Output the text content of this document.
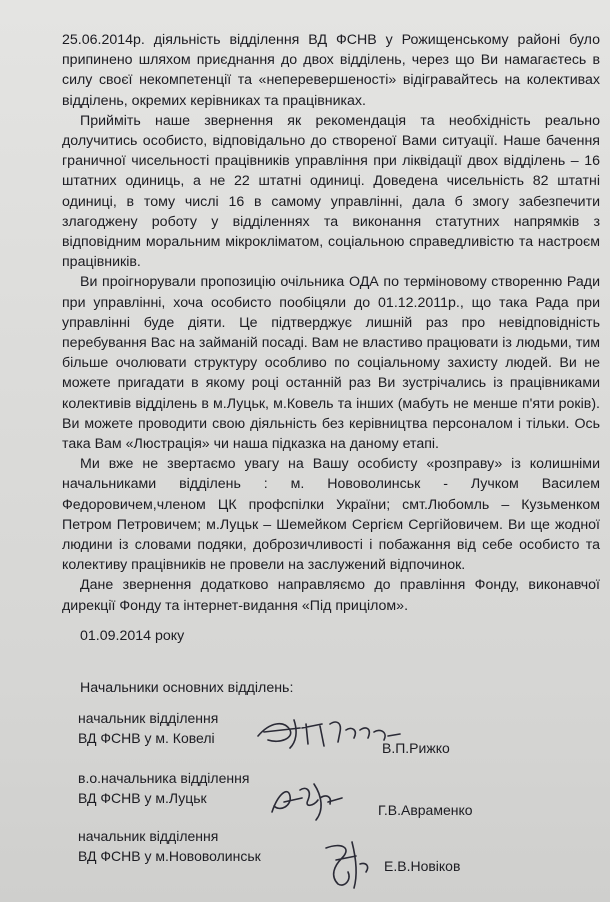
25.06.2014р. діяльність відділення ВД ФСНВ у Рожищенському районі було припинено шляхом приєднання до двох відділень, через що Ви намагаєтесь в силу своєї некомпетенції та «неперевершеності» відігравайтесь на колективах відділень, окремих керівниках та працівниках.

Прийміть наше звернення як рекомендація та необхідність реально долучитись особисто, відповідально до створеної Вами ситуації. Наше бачення граничної чисельності працівників управління при ліквідації двох відділень – 16 штатних одиниць, а не 22 штатні одиниці. Доведена чисельність 82 штатні одиниці, в тому числі 16 в самому управлінні, дала б змогу забезпечити злагоджену роботу у відділеннях та виконання статутних напрямків з відповідним моральним мікрокліматом, соціальною справедливістю та настроєм працівників.

Ви проігнорували пропозицію очільника ОДА по терміновому створенню Ради при управлінні, хоча особисто пообіцяли до 01.12.2011р., що така Рада при управлінні буде діяти. Це підтверджує лишній раз про невідповідність перебування Вас на займаній посаді. Вам не властиво працювати із людьми, тим більше очолювати структуру особливо по соціальному захисту людей. Ви не можете пригадати в якому році останній раз Ви зустрічались із працівниками колективів відділень в м.Луцьк, м.Ковель та інших (мабуть не менше п'яти років). Ви можете проводити свою діяльність без керівництва персоналом і тільки. Ось така Вам «Люстрація» чи наша підказка на даному етапі.

Ми вже не звертаємо увагу на Вашу особисту «розправу» із колишніми начальниками відділень : м. Нововолинськ - Лучком Василем Федоровичем,членом ЦК профспілки України; смт.Любомль – Кузьменком Петром Петровичем; м.Луцьк – Шемейком Сергієм Сергійовичем. Ви ще жодної людини із словами подяки, доброзичливості і побажання від себе особисто та колективу працівників не провели на заслужений відпочинок.

Дане звернення додатково направляємо до правління Фонду, виконавчої дирекції Фонду та інтернет-видання «Під прицілом».

01.09.2014 року
Начальники основних відділень:
начальник відділення
ВД ФСНВ у м. Ковелі
В.П.Рижко
в.о.начальника відділення
ВД ФСНВ у м.Луцьк
Г.В.Авраменко
начальник відділення
ВД ФСНВ у м.Нововолинськ
Е.В.Новіков
